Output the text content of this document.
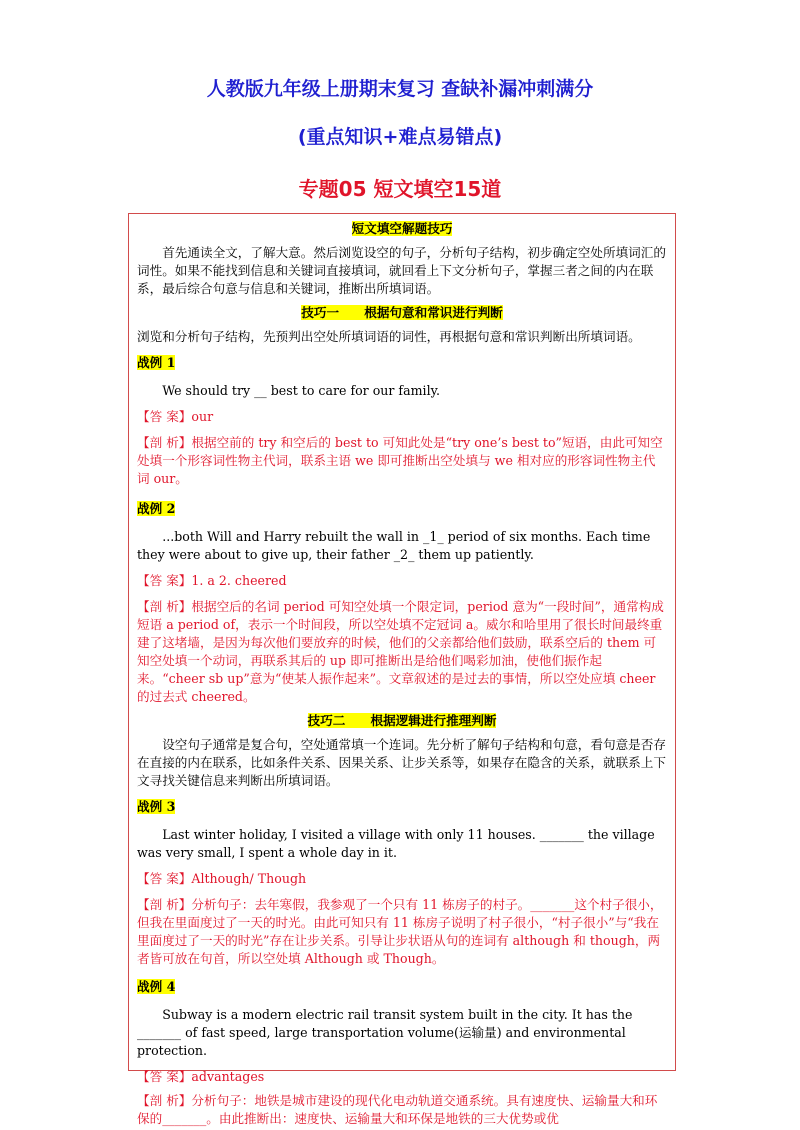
人教版九年级上册期末复习 查缺补漏冲刺满分
(重点知识+难点易错点)
专题05 短文填空15道

短文填空解题技巧

首先通读全文，了解大意。然后浏览设空的句子，分析句子结构，初步确定空处所填词汇的词性。如果不能找到信息和关键词直接填词，就回看上下文分析句子，掌握三者之间的内在联系，最后综合句意与信息和关键词，推断出所填词语。

技巧一　　根据句意和常识进行判断

浏览和分析句子结构，先预判出空处所填词语的词性，再根据句意和常识判断出所填词语。

战例 1

We should try __ best to care for our family.

【答 案】our

【剖 析】根据空前的 try 和空后的 best to 可知此处是“try one’s best to”短语，由此可知空处填一个形容词性物主代词，联系主语 we 即可推断出空处填与 we 相对应的形容词性物主代词 our。

战例 2

...both Will and Harry rebuilt the wall in _1_ period of six months. Each time they were about to give up, their father _2_ them up patiently.

【答 案】1. a 2. cheered

【剖 析】根据空后的名词 period 可知空处填一个限定词，period 意为“一段时间”，通常构成短语 a period of，表示一个时间段，所以空处填不定冠词 a。威尔和哈里用了很长时间最终重建了这堵墙，是因为每次他们要放弃的时候，他们的父亲都给他们鼓励，联系空后的 them 可知空处填一个动词，再联系其后的 up 即可推断出是给他们喝彩加油，使他们振作起来。“cheer sb up”意为“使某人振作起来”。文章叙述的是过去的事情，所以空处应填 cheer 的过去式 cheered。

技巧二　　根据逻辑进行推理判断

设空句子通常是复合句，空处通常填一个连词。先分析了解句子结构和句意，看句意是否存在直接的内在联系，比如条件关系、因果关系、让步关系等，如果存在隐含的关系，就联系上下文寻找关键信息来判断出所填词语。

战例 3

Last winter holiday, I visited a village with only 11 houses. _______ the village was very small, I spent a whole day in it.

【答 案】Although/ Though

【剖 析】分析句子：去年寒假，我参观了一个只有 11 栋房子的村子。_______这个村子很小，但我在里面度过了一天的时光。由此可知只有 11 栋房子说明了村子很小，“村子很小”与“我在里面度过了一天的时光”存在让步关系。引导让步状语从句的连词有 although 和 though，两者皆可放在句首，所以空处填 Although 或 Though。

战例 4

Subway is a modern electric rail transit system built in the city. It has the _______ of fast speed, large transportation volume(运输量) and environmental protection.

【答 案】advantages

【剖 析】分析句子：地铁是城市建设的现代化电动轨道交通系统。具有速度快、运输量大和环保的_______。由此推断出：速度快、运输量大和环保是地铁的三大优势或优
